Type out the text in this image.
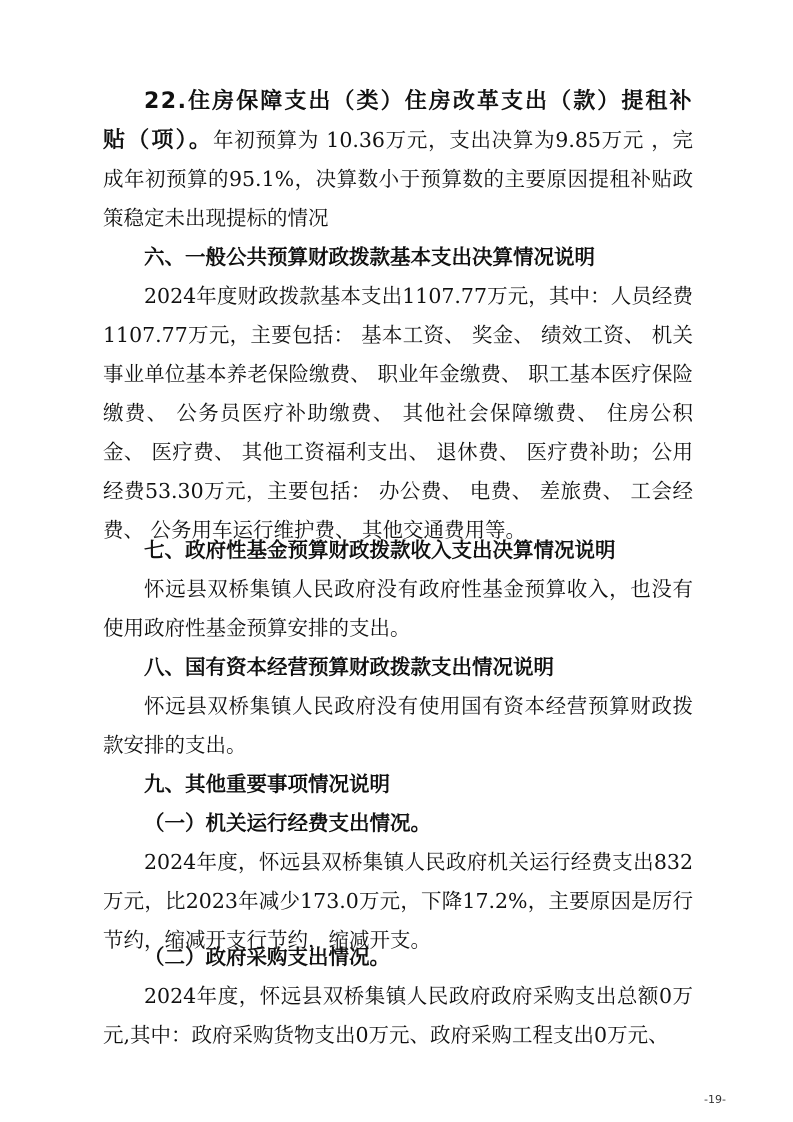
22.住房保障支出（类）住房改革支出（款）提租补贴（项）。年初预算为 10.36万元，支出决算为9.85万元 ，完成年初预算的95.1%，决算数小于预算数的主要原因提租补贴政策稳定未出现提标的情况

六、一般公共预算财政拨款基本支出决算情况说明

2024年度财政拨款基本支出1107.77万元，其中：人员经费1107.77万元，主要包括： 基本工资、 奖金、 绩效工资、 机关事业单位基本养老保险缴费、 职业年金缴费、 职工基本医疗保险缴费、 公务员医疗补助缴费、 其他社会保障缴费、 住房公积金、 医疗费、 其他工资福利支出、 退休费、 医疗费补助；公用经费53.30万元，主要包括： 办公费、 电费、 差旅费、 工会经费、 公务用车运行维护费、 其他交通费用等。

七、政府性基金预算财政拨款收入支出决算情况说明

怀远县双桥集镇人民政府没有政府性基金预算收入，也没有使用政府性基金预算安排的支出。

八、国有资本经营预算财政拨款支出情况说明

怀远县双桥集镇人民政府没有使用国有资本经营预算财政拨款安排的支出。

九、其他重要事项情况说明

（一）机关运行经费支出情况。

2024年度，怀远县双桥集镇人民政府机关运行经费支出832万元，比2023年减少173.0万元，下降17.2%，主要原因是厉行节约，缩减开支行节约，缩减开支。

（二）政府采购支出情况。

2024年度，怀远县双桥集镇人民政府政府采购支出总额0万元,其中：政府采购货物支出0万元、政府采购工程支出0万元、

-19-
